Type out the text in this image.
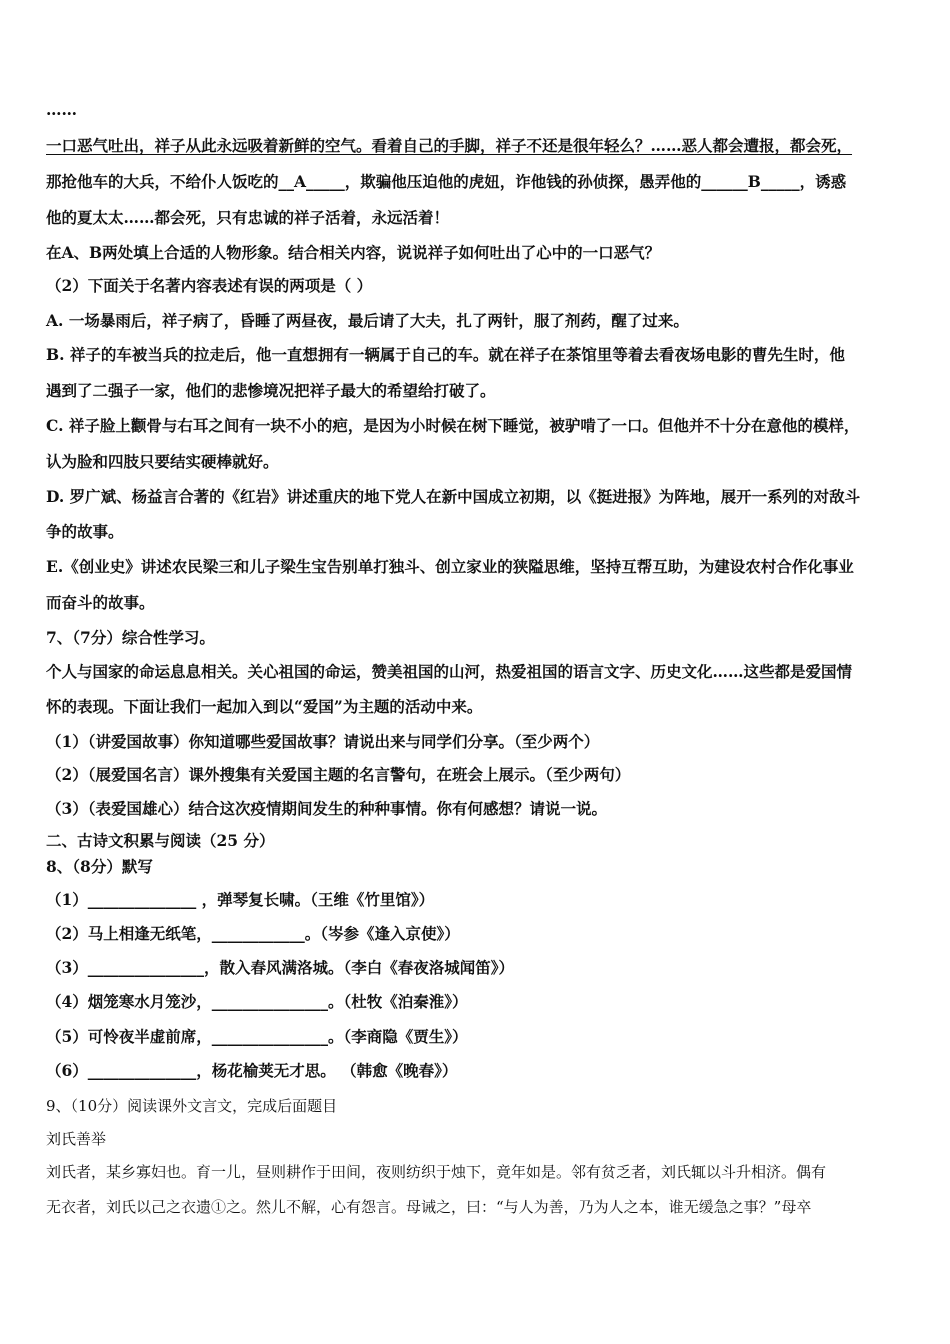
……
一口恶气吐出，祥子从此永远吸着新鲜的空气。看着自己的手脚，祥子不还是很年轻么？……恶人都会遭报，都会死，
那抢他车的大兵，不给仆人饭吃的__A_____，欺骗他压迫他的虎妞，诈他钱的孙侦探，愚弄他的______B_____，诱惑
他的夏太太……都会死，只有忠诚的祥子活着，永远活着！
在A、B两处填上合适的人物形象。结合相关内容，说说祥子如何吐出了心中的一口恶气？
（2）下面关于名著内容表述有误的两项是（ ）
A. 一场暴雨后，祥子病了，昏睡了两昼夜，最后请了大夫，扎了两针，服了剂药，醒了过来。
B. 祥子的车被当兵的拉走后，他一直想拥有一辆属于自己的车。就在祥子在茶馆里等着去看夜场电影的曹先生时，他
遇到了二强子一家，他们的悲惨境况把祥子最大的希望给打破了。
C. 祥子脸上颧骨与右耳之间有一块不小的疤，是因为小时候在树下睡觉，被驴啃了一口。但他并不十分在意他的模样，
认为脸和四肢只要结实硬棒就好。
D. 罗广斌、杨益言合著的《红岩》讲述重庆的地下党人在新中国成立初期，以《挺进报》为阵地，展开一系列的对敌斗
争的故事。
E.《创业史》讲述农民梁三和儿子梁生宝告别单打独斗、创立家业的狭隘思维，坚持互帮互助，为建设农村合作化事业
而奋斗的故事。
7、（7分）综合性学习。
个人与国家的命运息息相关。关心祖国的命运，赞美祖国的山河，热爱祖国的语言文字、历史文化……这些都是爱国情
怀的表现。下面让我们一起加入到以“爱国”为主题的活动中来。
（1）（讲爱国故事）你知道哪些爱国故事？请说出来与同学们分享。（至少两个）
（2）（展爱国名言）课外搜集有关爱国主题的名言警句，在班会上展示。（至少两句）
（3）（表爱国雄心）结合这次疫情期间发生的种种事情。你有何感想？请说一说。
二、古诗文积累与阅读（25 分）
8、（8分）默写
（1）______________ ，弹琴复长啸。（王维《竹里馆》）
（2）马上相逢无纸笔，____________。（岑参《逢入京使》）
（3）_______________，散入春风满洛城。（李白《春夜洛城闻笛》）
（4）烟笼寒水月笼沙，_______________。（杜牧《泊秦淮》）
（5）可怜夜半虚前席，_______________。（李商隐《贾生》）
（6）______________，杨花榆荚无才思。 （韩愈《晚春》）
9、（10分）阅读课外文言文，完成后面题目
刘氏善举
刘氏者，某乡寡妇也。育一儿，昼则耕作于田间，夜则纺织于烛下，竟年如是。邻有贫乏者，刘氏辄以斗升相济。偶有
无衣者，刘氏以己之衣遗①之。然儿不解，心有怨言。母诫之，曰：“与人为善，乃为人之本，谁无缓急之事？”母卒
